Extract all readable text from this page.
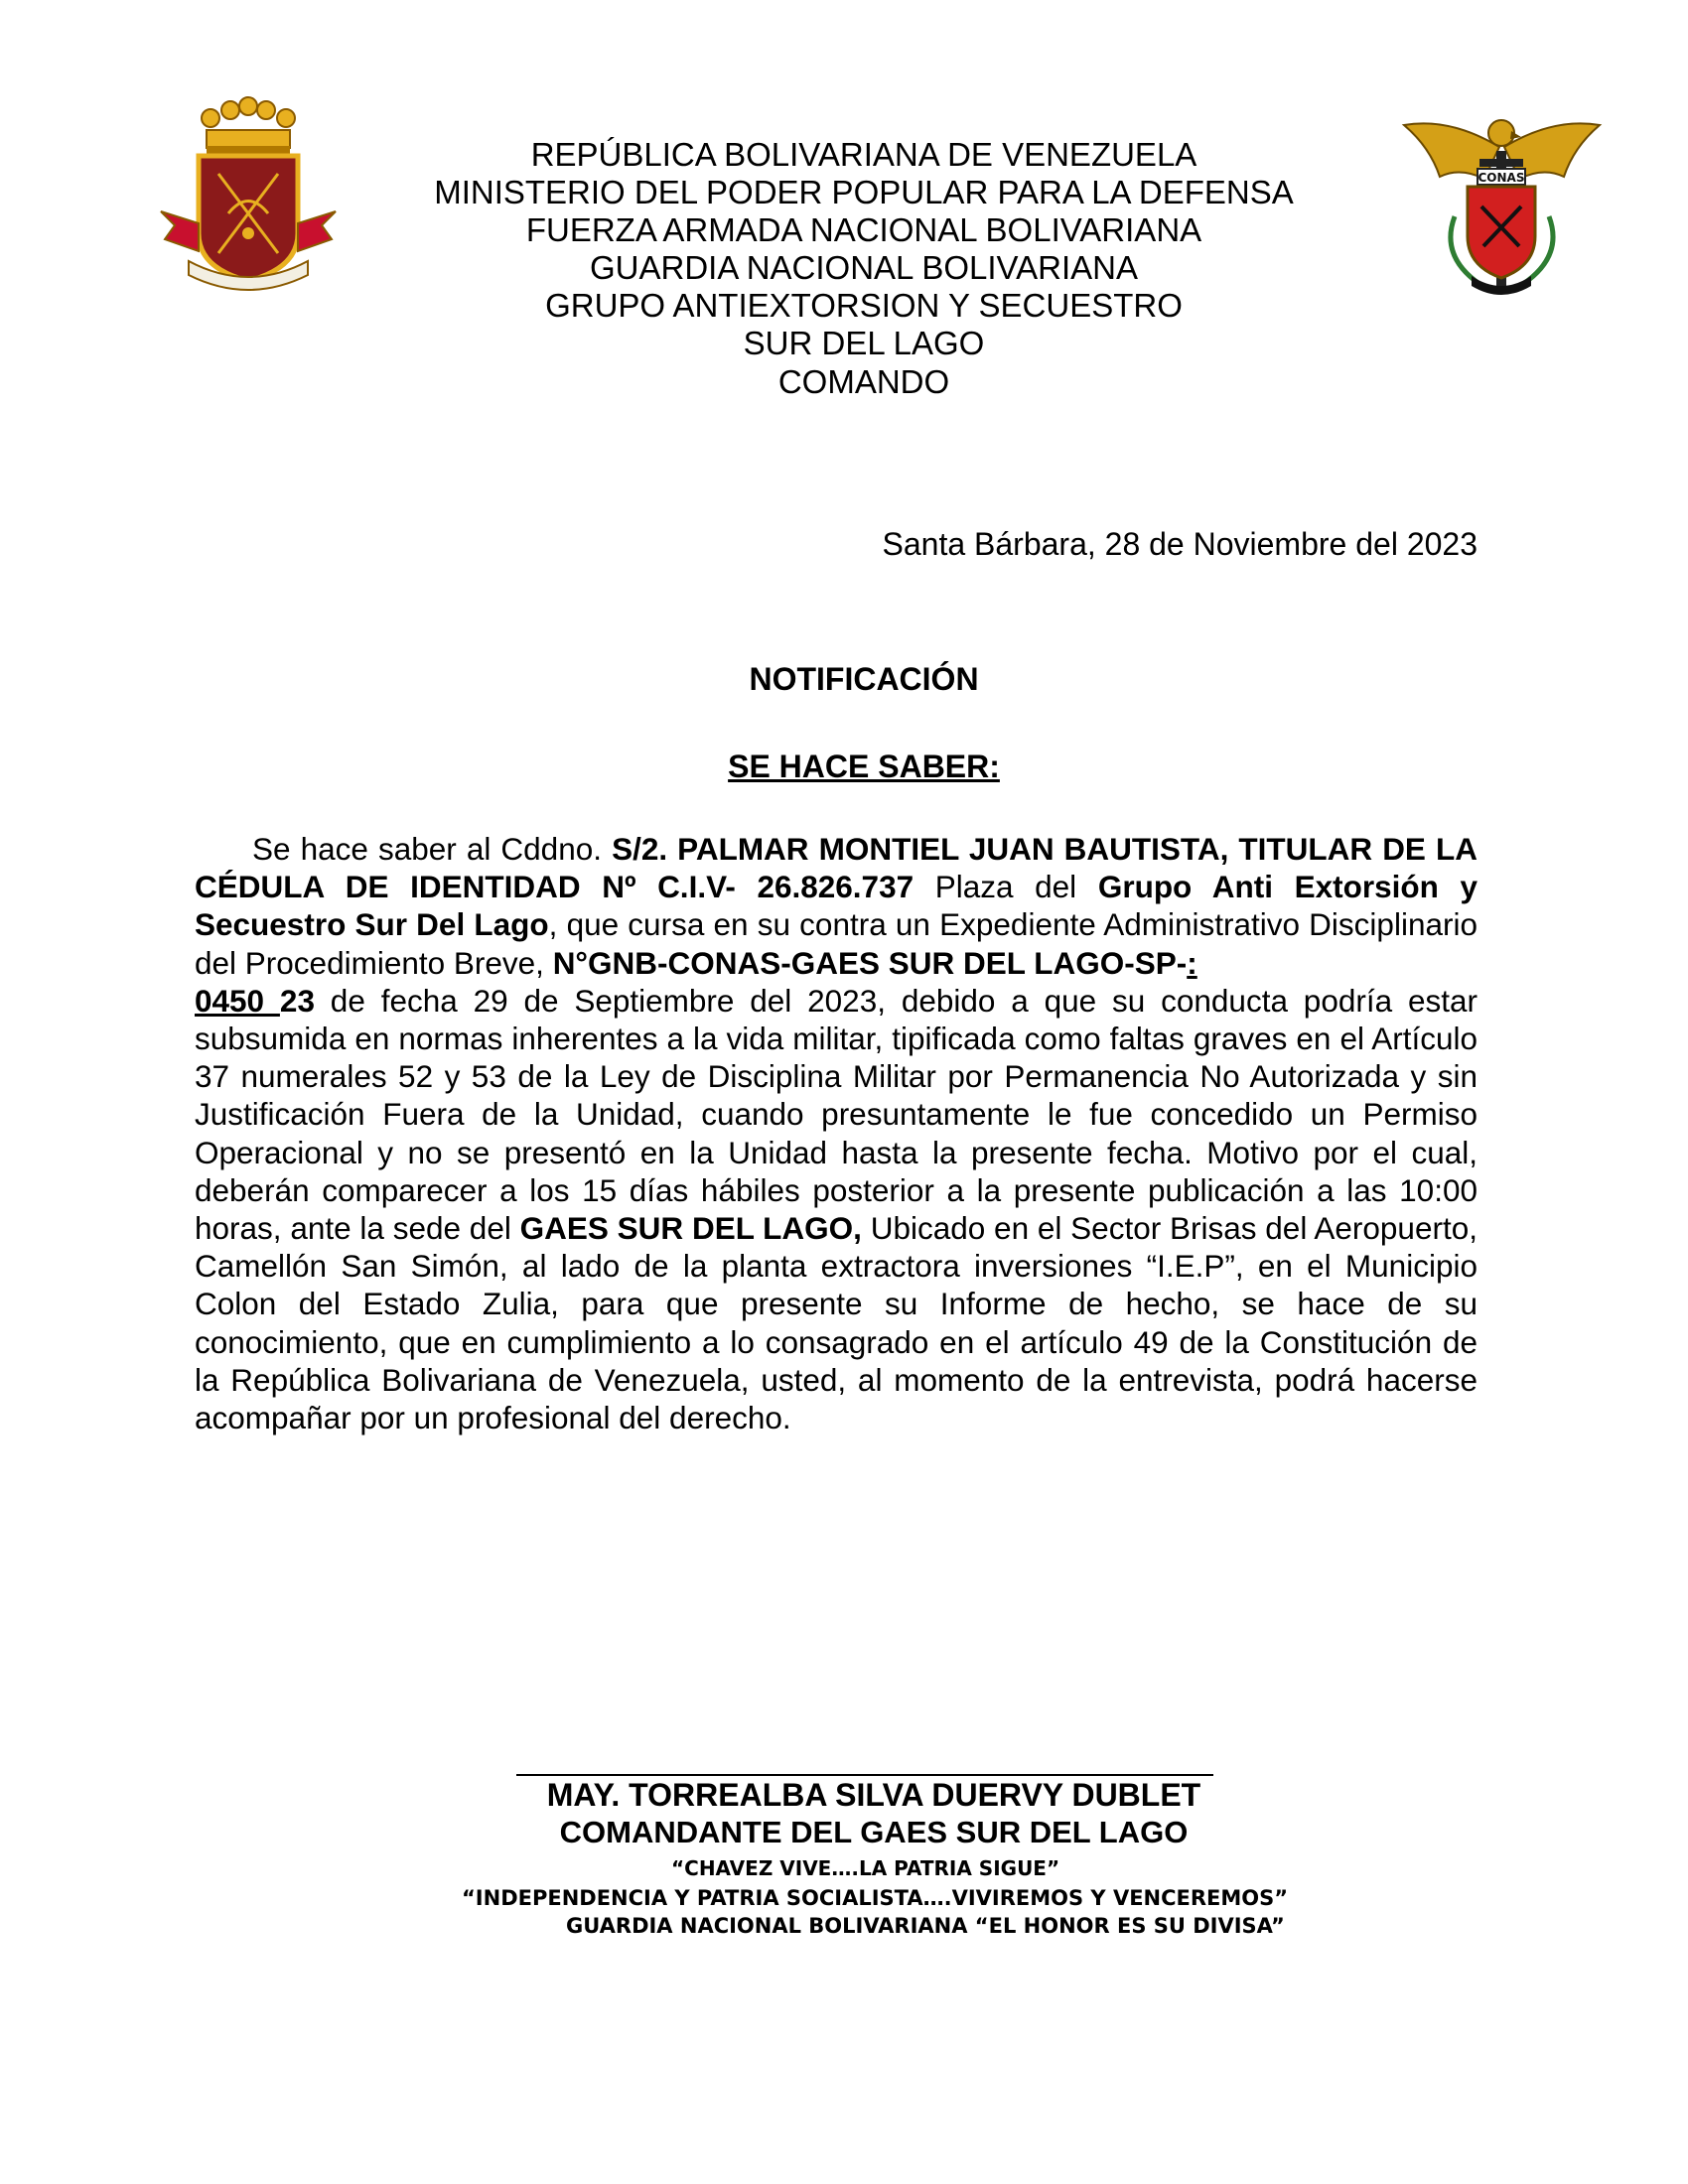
CONAS
REPÚBLICA BOLIVARIANA DE VENEZUELA
MINISTERIO DEL PODER POPULAR PARA LA DEFENSA
FUERZA ARMADA NACIONAL BOLIVARIANA
GUARDIA NACIONAL BOLIVARIANA
GRUPO ANTIEXTORSION Y SECUESTRO
SUR DEL LAGO
COMANDO
Santa Bárbara, 28 de Noviembre del 2023
NOTIFICACIÓN
SE HACE SABER:

Se hace saber al Cddno. S/2. PALMAR MONTIEL JUAN BAUTISTA, TITULAR DE LA CÉDULA DE IDENTIDAD Nº C.I.V- 26.826.737 Plaza del Grupo Anti Extorsión y Secuestro Sur Del Lago, que cursa en su contra un Expediente Administrativo Disciplinario del Procedimiento Breve, N°GNB-CONAS-GAES SUR DEL LAGO-SP-:
0450 23 de fecha 29 de Septiembre del 2023, debido a que su conducta podría estar subsumida en normas inherentes a la vida militar, tipificada como faltas graves en el Artículo 37 numerales 52 y 53 de la Ley de Disciplina Militar por Permanencia No Autorizada y sin Justificación Fuera de la Unidad, cuando presuntamente le fue concedido un Permiso Operacional y no se presentó en la Unidad hasta la presente fecha. Motivo por el cual, deberán comparecer a los 15 días hábiles posterior a la presente publicación a las 10:00 horas, ante la sede del GAES SUR DEL LAGO, Ubicado en el Sector Brisas del Aeropuerto, Camellón San Simón, al lado de la planta extractora inversiones “I.E.P”, en el Municipio Colon del Estado Zulia, para que presente su Informe de hecho, se hace de su conocimiento, que en cumplimiento a lo consagrado en el artículo 49 de la Constitución de la República Bolivariana de Venezuela, usted, al momento de la entrevista, podrá hacerse acompañar por un profesional del derecho.

MAY. TORREALBA SILVA DUERVY DUBLET
COMANDANTE DEL GAES SUR DEL LAGO
“CHAVEZ VIVE….LA PATRIA SIGUE”
“INDEPENDENCIA Y PATRIA SOCIALISTA….VIVIREMOS Y VENCEREMOS”
GUARDIA NACIONAL BOLIVARIANA “EL HONOR ES SU DIVISA”
